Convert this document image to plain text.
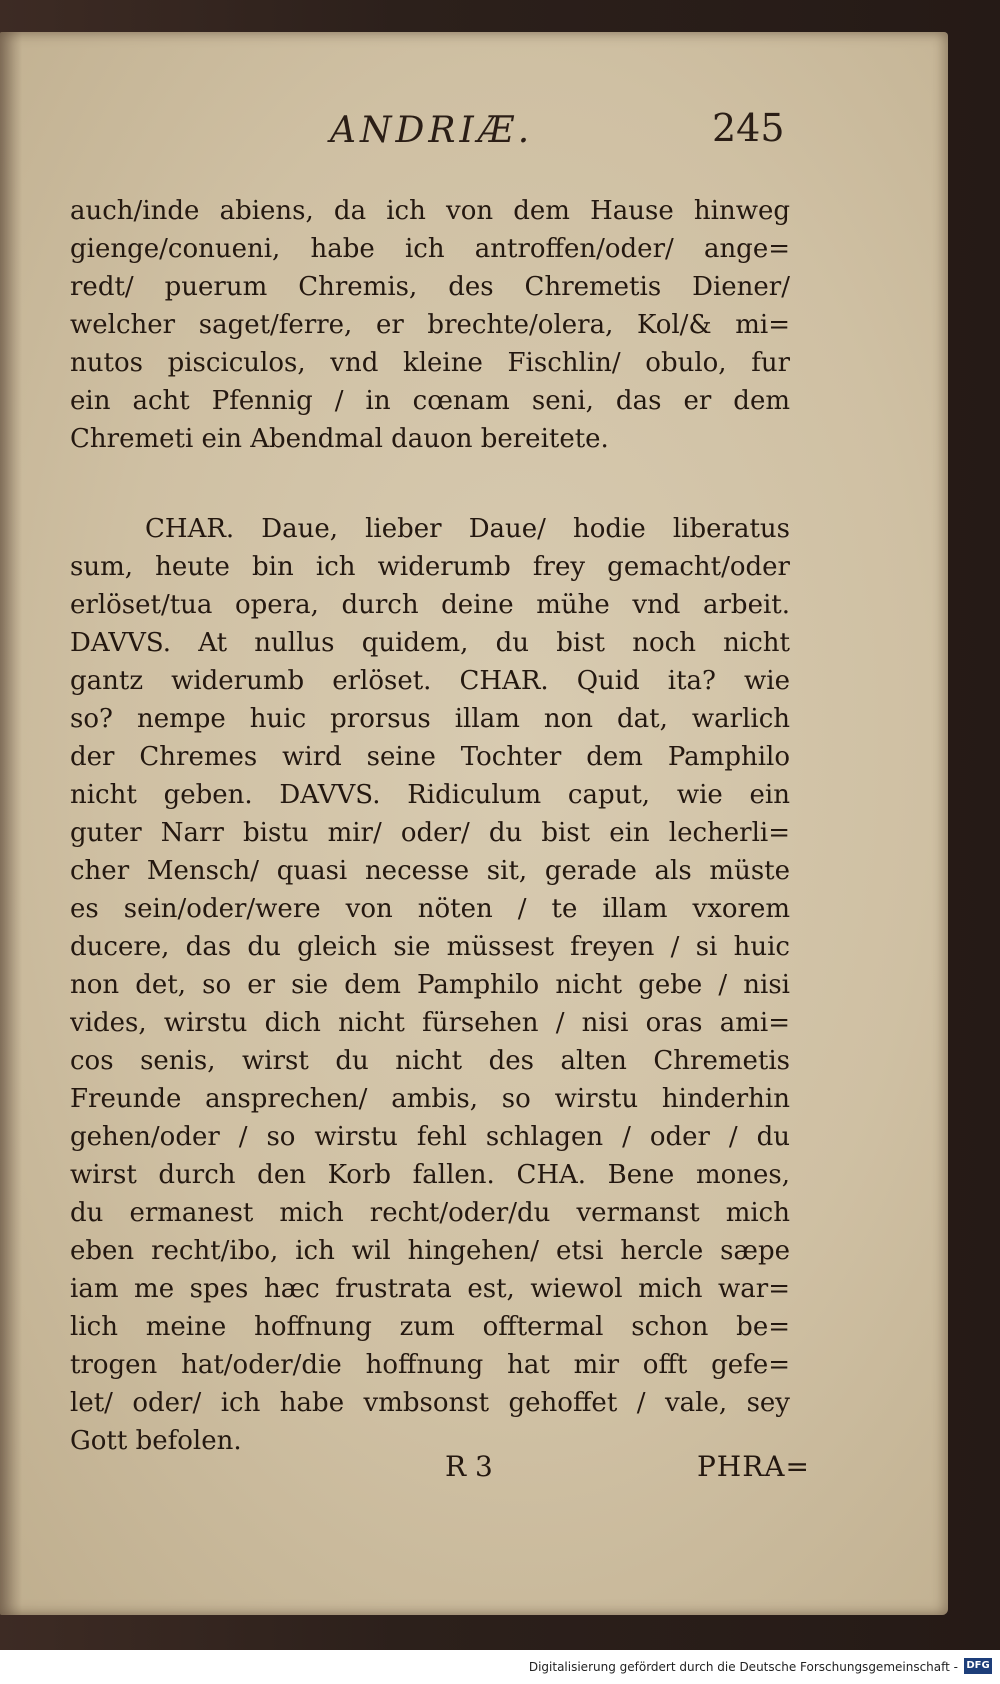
ANDRIÆ.	245
auch/inde abiens, da ich von dem Hause hinweg
gienge/conueni, habe ich antroffen/oder/ ange=
redt/ puerum Chremis, des Chremetis Diener/
welcher saget/ferre, er brechte/olera, Kol/& mi=
nutos pisciculos, vnd kleine Fischlin/ obulo, fur
ein acht Pfennig / in cœnam seni, das er dem
Chremeti ein Abendmal dauon bereitete.
CHAR. Daue, lieber Daue/ hodie liberatus
sum, heute bin ich widerumb frey gemacht/oder
erlöset/tua opera, durch deine mühe vnd arbeit.
DAVVS. At nullus quidem, du bist noch nicht
gantz widerumb erlöset. CHAR. Quid ita? wie
so? nempe huic prorsus illam non dat, warlich
der Chremes wird seine Tochter dem Pamphilo
nicht geben. DAVVS. Ridiculum caput, wie ein
guter Narr bistu mir/ oder/ du bist ein lecherli=
cher Mensch/ quasi necesse sit, gerade als müste
es sein/oder/were von nöten / te illam vxorem
ducere, das du gleich sie müssest freyen / si huic
non det, so er sie dem Pamphilo nicht gebe / nisi
vides, wirstu dich nicht fürsehen / nisi oras ami=
cos senis, wirst du nicht des alten Chremetis
Freunde ansprechen/ ambis, so wirstu hinderhin
gehen/oder / so wirstu fehl schlagen / oder / du
wirst durch den Korb fallen. CHA. Bene mones,
du ermanest mich recht/oder/du vermanst mich
eben recht/ibo, ich wil hingehen/ etsi hercle sæpe
iam me spes hæc frustrata est, wiewol mich war=
lich meine hoffnung zum offtermal schon be=
trogen hat/oder/die hoffnung hat mir offt gefe=
let/ oder/ ich habe vmbsonst gehoffet / vale, sey
Gott befolen.
R 3	PHRA=
Digitalisierung gefördert durch die Deutsche Forschungsgemeinschaft - DFG
